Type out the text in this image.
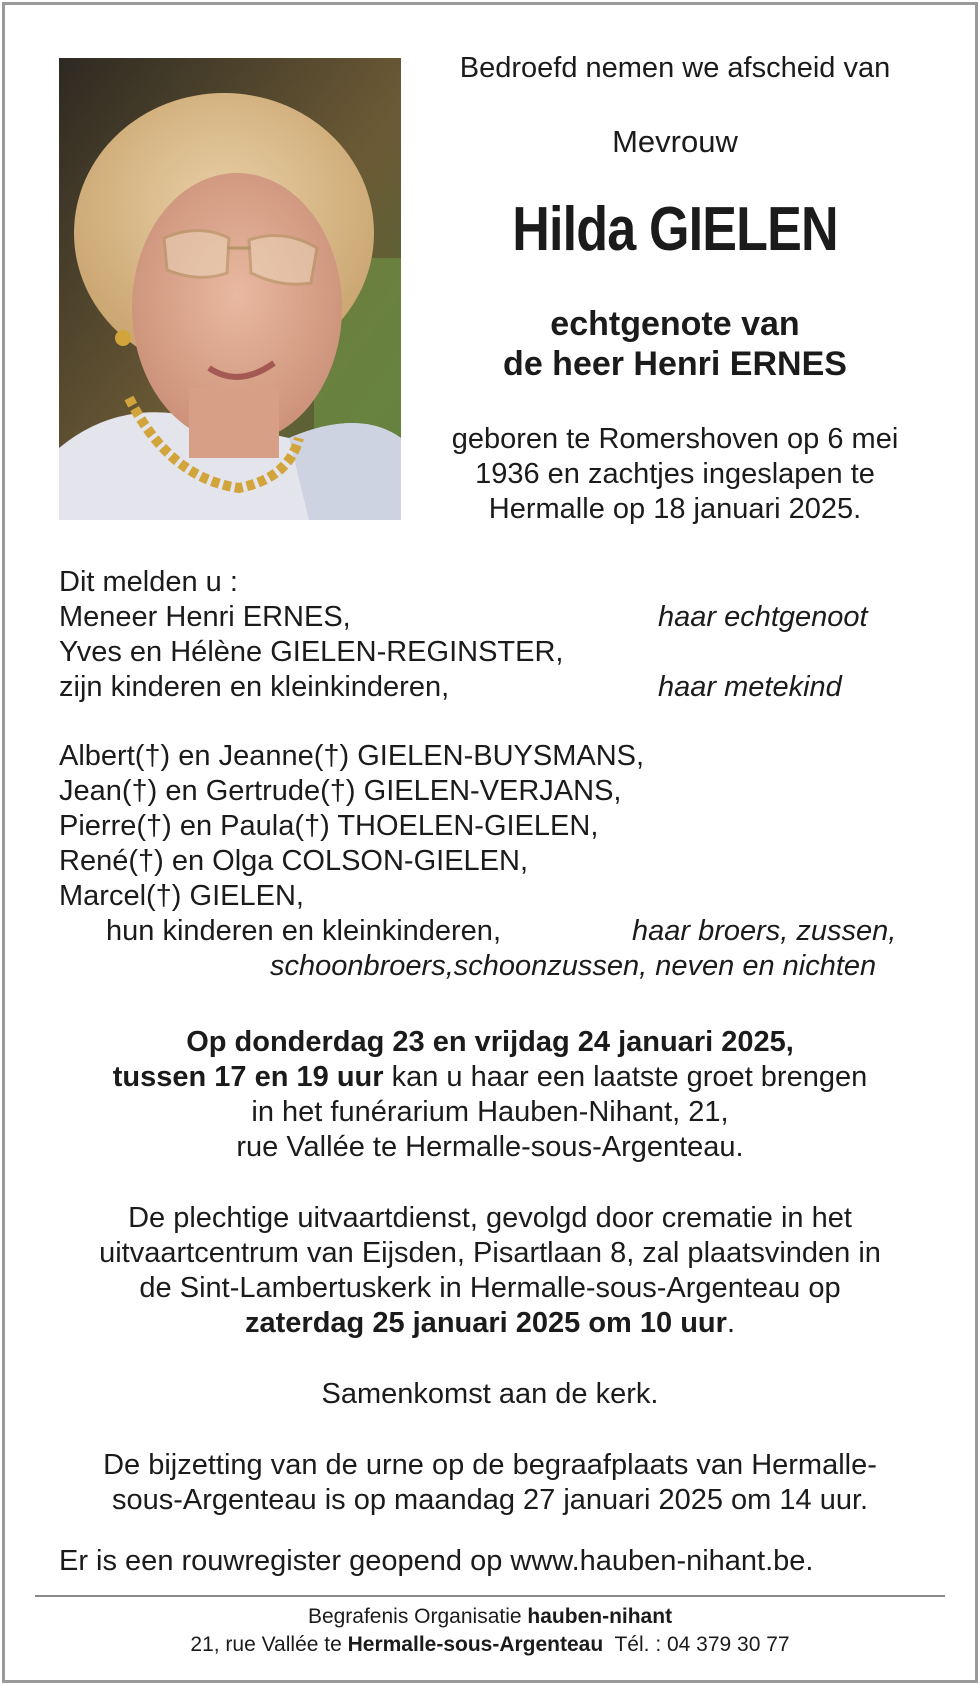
Bedroefd nemen we afscheid van
Mevrouw
Hilda GIELEN
echtgenote van
de heer Henri ERNES
geboren te Romershoven op 6 mei
1936 en zachtjes ingeslapen te
Hermalle op 18 januari 2025.
Dit melden u :
Meneer Henri ERNES,	haar echtgenoot
Yves en Hélène GIELEN-REGINSTER,
zijn kinderen en kleinkinderen,	haar metekind
Albert(†) en Jeanne(†) GIELEN-BUYSMANS,
Jean(†) en Gertrude(†) GIELEN-VERJANS,
Pierre(†) en Paula(†) THOELEN-GIELEN,
René(†) en Olga COLSON-GIELEN,
Marcel(†) GIELEN,
hun kinderen en kleinkinderen,	haar broers, zussen,
schoonbroers,schoonzussen, neven en nichten
Op donderdag 23 en vrijdag 24 januari 2025,
tussen 17 en 19 uur kan u haar een laatste groet brengen
in het funérarium Hauben-Nihant, 21,
rue Vallée te Hermalle-sous-Argenteau.
De plechtige uitvaartdienst, gevolgd door crematie in het
uitvaartcentrum van Eijsden, Pisartlaan 8, zal plaatsvinden in
de Sint-Lambertuskerk in Hermalle-sous-Argenteau op
zaterdag 25 januari 2025 om 10 uur.
Samenkomst aan de kerk.
De bijzetting van de urne op de begraafplaats van Hermalle-
sous-Argenteau is op maandag 27 januari 2025 om 14 uur.
Er is een rouwregister geopend op www.hauben-nihant.be.
Begrafenis Organisatie hauben-nihant
21, rue Vallée te Hermalle-sous-Argenteau  Tél. : 04 379 30 77
